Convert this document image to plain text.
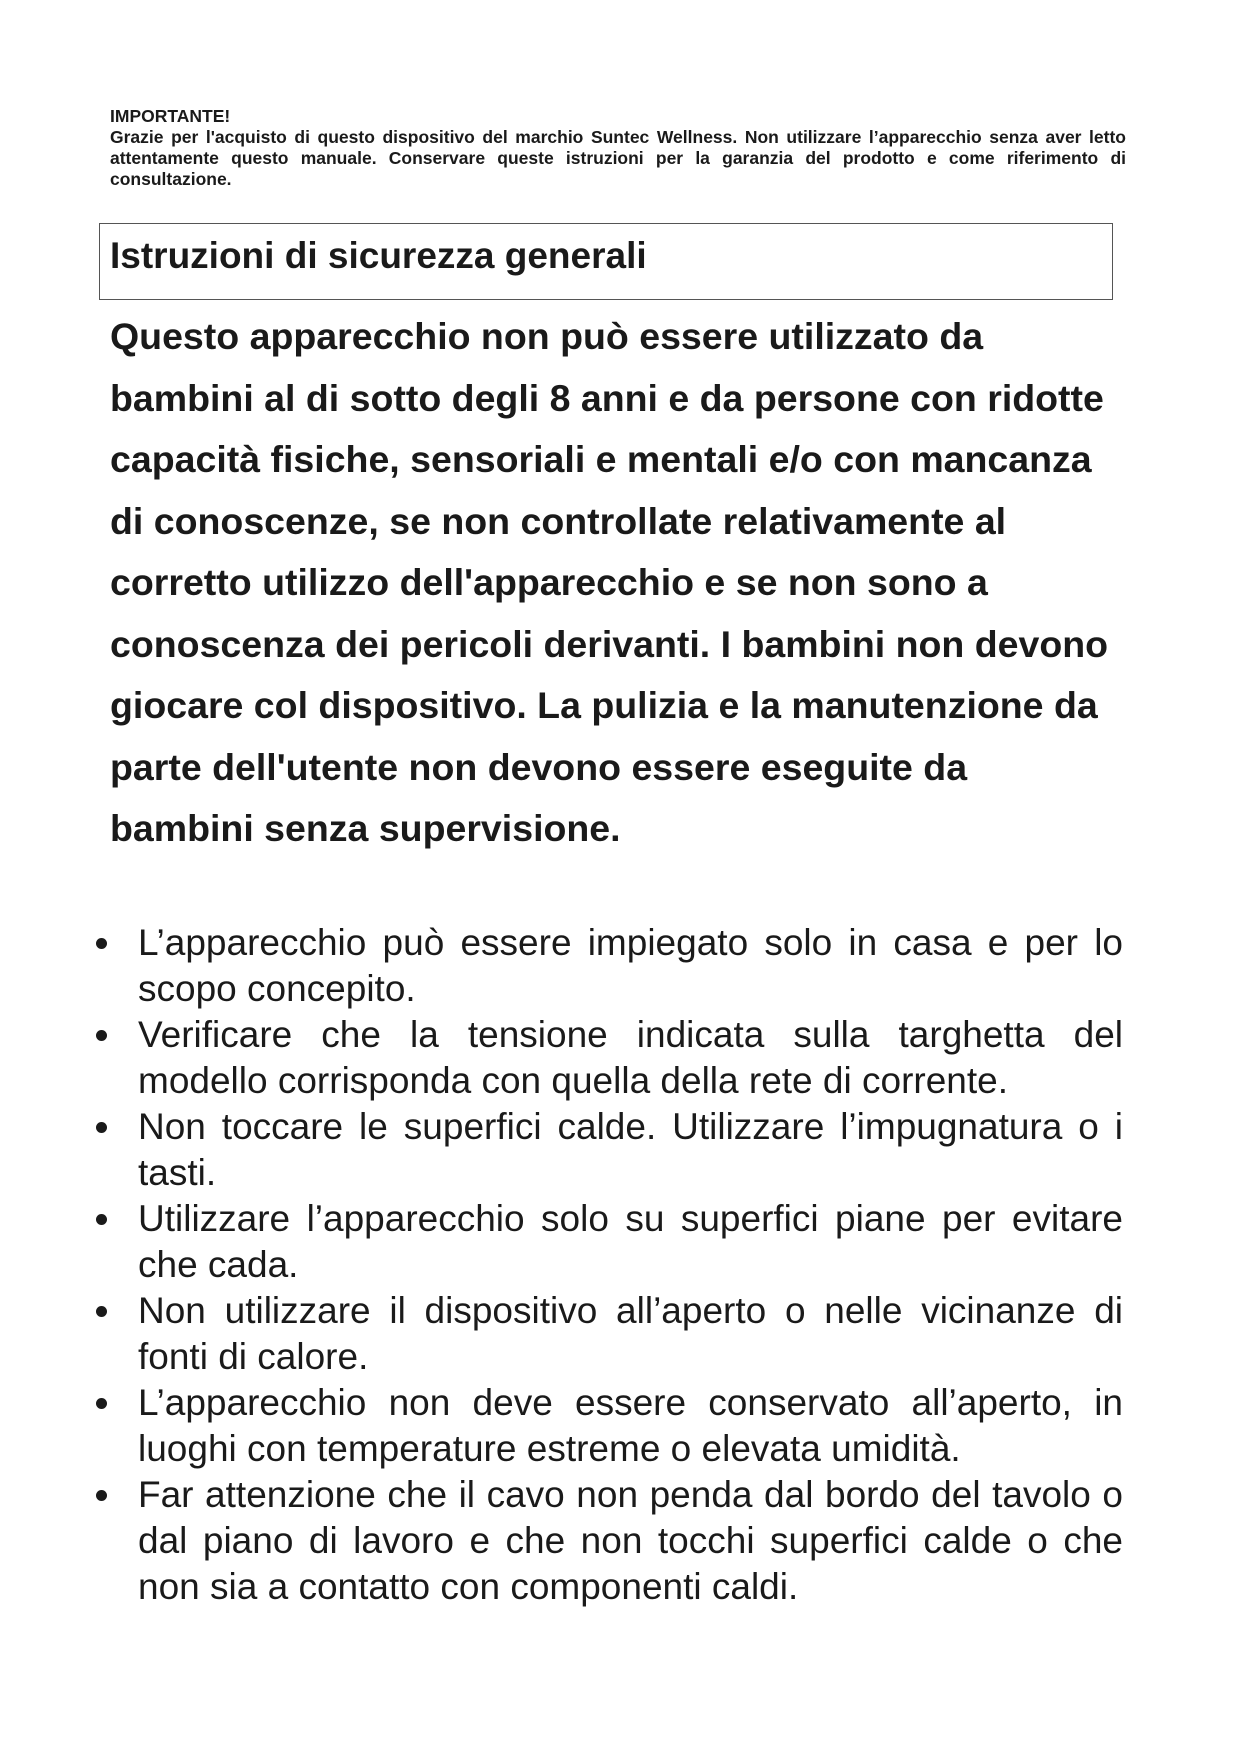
IMPORTANTE!
Grazie per l'acquisto di questo dispositivo del marchio Suntec Wellness. Non utilizzare l’apparecchio senza aver letto attentamente questo manuale. Conservare queste istruzioni per la garanzia del prodotto e come riferimento di consultazione.
Istruzioni di sicurezza generali
Questo apparecchio non può essere utilizzato da bambini al di sotto degli 8 anni e da persone con ridotte capacità fisiche, sensoriali e mentali e/o con mancanza di conoscenze, se non controllate relativamente al corretto utilizzo dell'apparecchio e se non sono a conoscenza dei pericoli derivanti. I bambini non devono giocare col dispositivo. La pulizia e la manutenzione da parte dell'utente non devono essere eseguite da bambini senza supervisione.
L’apparecchio può essere impiegato solo in casa e per lo scopo concepito.
Verificare che la tensione indicata sulla targhetta del modello corrisponda con quella della rete di corrente.
Non toccare le superfici calde. Utilizzare l’impugnatura o i tasti.
Utilizzare l’apparecchio solo su superfici piane per evitare che cada.
Non utilizzare il dispositivo all’aperto o nelle vicinanze di fonti di calore.
L’apparecchio non deve essere conservato all’aperto, in luoghi con temperature estreme o elevata umidità.
Far attenzione che il cavo non penda dal bordo del tavolo o dal piano di lavoro e che non tocchi superfici calde o che non sia a contatto con componenti caldi.
